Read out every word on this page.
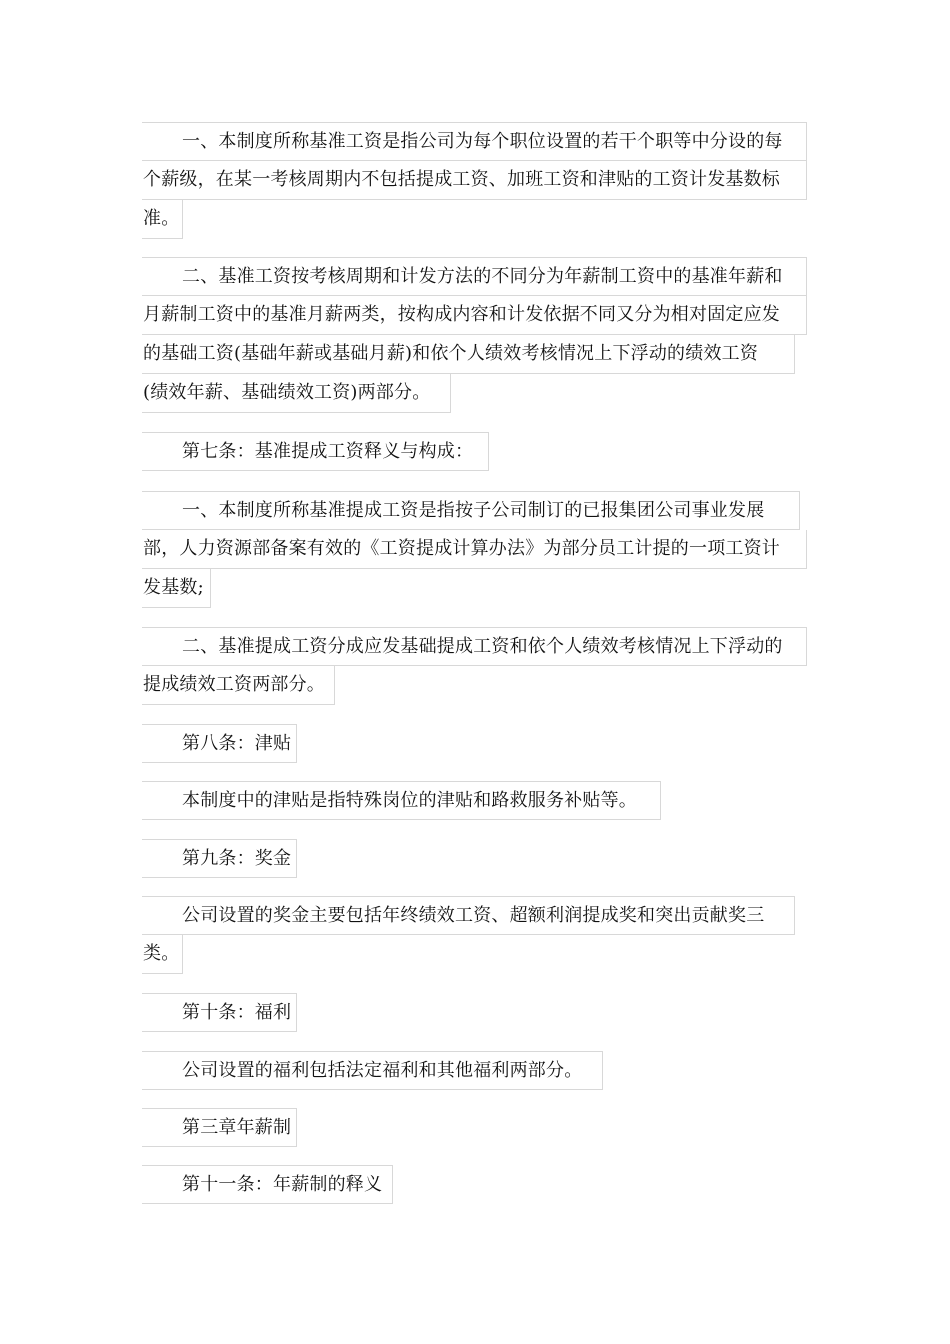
一、本制度所称基准工资是指公司为每个职位设置的若干个职等中分设的每
个薪级，在某一考核周期内不包括提成工资、加班工资和津贴的工资计发基数标
准。
二、基准工资按考核周期和计发方法的不同分为年薪制工资中的基准年薪和
月薪制工资中的基准月薪两类，按构成内容和计发依据不同又分为相对固定应发
的基础工资(基础年薪或基础月薪)和依个人绩效考核情况上下浮动的绩效工资
(绩效年薪、基础绩效工资)两部分。
第七条：基准提成工资释义与构成：
一、本制度所称基准提成工资是指按子公司制订的已报集团公司事业发展
部，人力资源部备案有效的《工资提成计算办法》为部分员工计提的一项工资计
发基数;
二、基准提成工资分成应发基础提成工资和依个人绩效考核情况上下浮动的
提成绩效工资两部分。
第八条：津贴
本制度中的津贴是指特殊岗位的津贴和路救服务补贴等。
第九条：奖金
公司设置的奖金主要包括年终绩效工资、超额利润提成奖和突出贡献奖三
类。
第十条：福利
公司设置的福利包括法定福利和其他福利两部分。
第三章年薪制
第十一条：年薪制的释义
